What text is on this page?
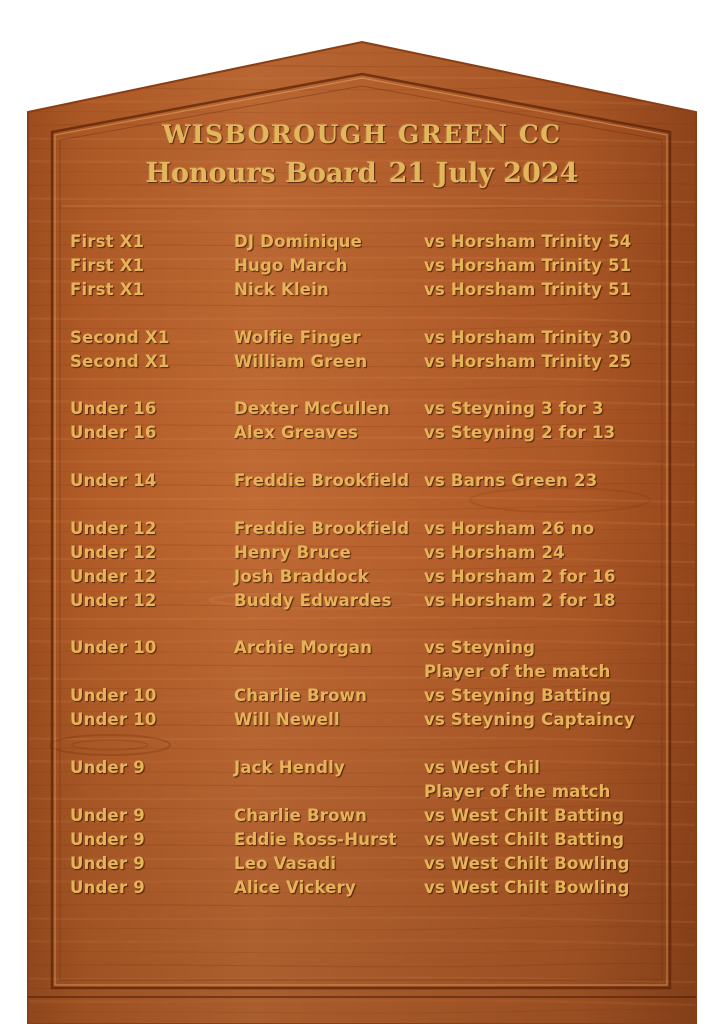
WISBOROUGH GREEN CC
Honours Board 21 July 2024
First X1	DJ Dominique	vs Horsham Trinity 54
First X1	Hugo March	vs Horsham Trinity 51
First X1	Nick Klein	vs Horsham Trinity 51
Second X1	Wolfie Finger	vs Horsham Trinity 30
Second X1	William Green	vs Horsham Trinity 25
Under 16	Dexter McCullen vs Steyning 3 for 3
Under 16	Alex Greaves	vs Steyning 2 for 13
Under 14	Freddie Brookfield vs Barns Green 23
Under 12	Freddie Brookfield vs Horsham 26 no
Under 12	Henry Bruce	vs Horsham 24
Under 12	Josh Braddock	vs Horsham 2 for 16
Under 12	Buddy Edwardes vs Horsham 2 for 18
Under 10	Archie Morgan	vs Steyning
Player of the match
Under 10	Charlie Brown	vs Steyning Batting
Under 10	Will Newell	vs Steyning Captaincy
Under 9	Jack Hendly	vs West Chil
Player of the match
Under 9	Charlie Brown	vs West Chilt Batting
Under 9	Eddie Ross-Hurst vs West Chilt Batting
Under 9	Leo Vasadi	vs West Chilt Bowling
Under 9	Alice Vickery	vs West Chilt Bowling
